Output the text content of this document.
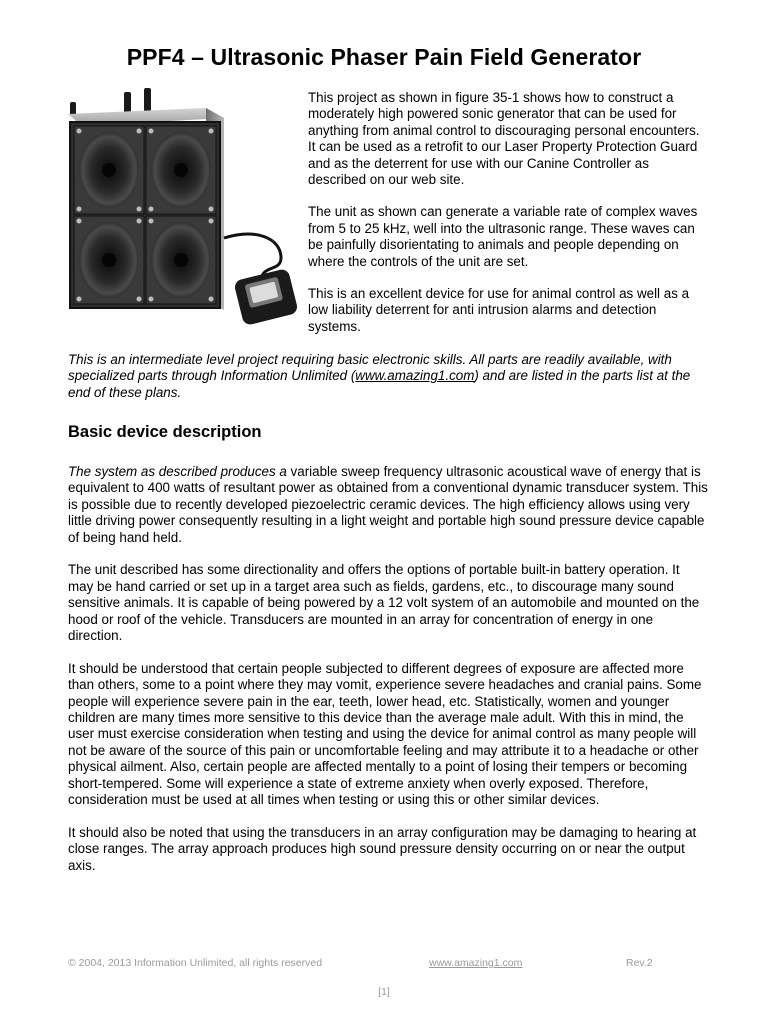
PPF4 – Ultrasonic Phaser Pain Field Generator

This project as shown in figure 35-1 shows how to construct a moderately high powered sonic generator that can be used for anything from animal control to discouraging personal encounters. It can be used as a retrofit to our Laser Property Protection Guard and as the deterrent for use with our Canine Controller as described on our web site.

The unit as shown can generate a variable rate of complex waves from 5 to 25 kHz, well into the ultrasonic range. These waves can be painfully disorientating to animals and people depending on where the controls of the unit are set.

This is an excellent device for use for animal control as well as a low liability deterrent for anti intrusion alarms and detection systems.

This is an intermediate level project requiring basic electronic skills. All parts are readily available, with specialized parts through Information Unlimited (www.amazing1.com) and are listed in the parts list at the end of these plans.

Basic device description

The system as described produces a variable sweep frequency ultrasonic acoustical wave of energy that is equivalent to 400 watts of resultant power as obtained from a conventional dynamic transducer system. This is possible due to recently developed piezoelectric ceramic devices. The high efficiency allows using very little driving power consequently resulting in a light weight and portable high sound pressure device capable of being hand held.

The unit described has some directionality and offers the options of portable built-in battery operation. It may be hand carried or set up in a target area such as fields, gardens, etc., to discourage many sound sensitive animals. It is capable of being powered by a 12 volt system of an automobile and mounted on the hood or roof of the vehicle. Transducers are mounted in an array for concentration of energy in one direction.

It should be understood that certain people subjected to different degrees of exposure are affected more than others, some to a point where they may vomit, experience severe headaches and cranial pains. Some people will experience severe pain in the ear, teeth, lower head, etc. Statistically, women and younger children are many times more sensitive to this device than the average male adult. With this in mind, the user must exercise consideration when testing and using the device for animal control as many people will not be aware of the source of this pain or uncomfortable feeling and may attribute it to a headache or other physical ailment. Also, certain people are affected mentally to a point of losing their tempers or becoming short-tempered. Some will experience a state of extreme anxiety when overly exposed. Therefore, consideration must be used at all times when testing or using this or other similar devices.

It should also be noted that using the transducers in an array configuration may be damaging to hearing at close ranges. The array approach produces high sound pressure density occurring on or near the output axis.

© 2004, 2013 Information Unlimited, all rights reserved	www.amazing1.com	Rev.2
[1]
